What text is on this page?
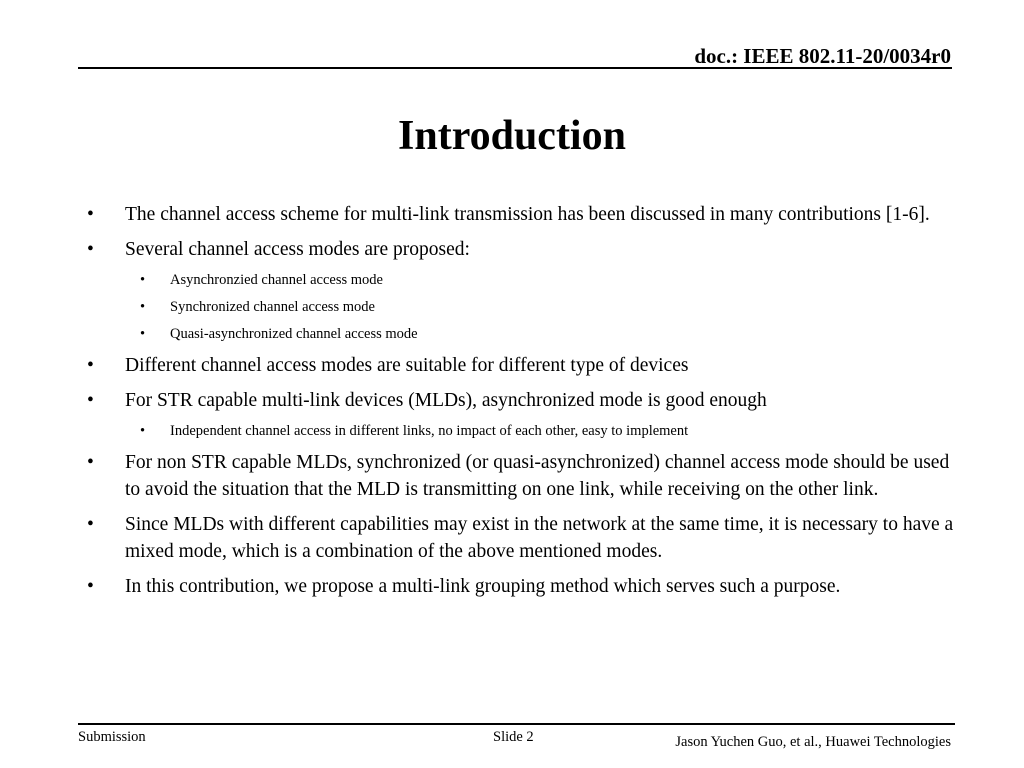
doc.: IEEE 802.11-20/0034r0
Introduction
• The channel access scheme for multi-link transmission has been discussed in many contributions [1-6].
• Several channel access modes are proposed:
• Asynchronzied channel access mode
• Synchronized channel access mode
• Quasi-asynchronized channel access mode
• Different channel access modes are suitable for different type of devices
• For STR capable multi-link devices (MLDs), asynchronized mode is good enough
• Independent channel access in different links, no impact of each other, easy to implement
• For non STR capable MLDs, synchronized (or quasi-asynchronized) channel access mode should be used to avoid the situation that the MLD is transmitting on one link, while receiving on the other link.
• Since MLDs with different capabilities may exist in the network at the same time, it is necessary to have a mixed mode, which is a combination of the above mentioned modes.
• In this contribution, we propose a multi-link grouping method which serves such a purpose.
Submission	Slide 2	Jason Yuchen Guo, et al., Huawei Technologies
